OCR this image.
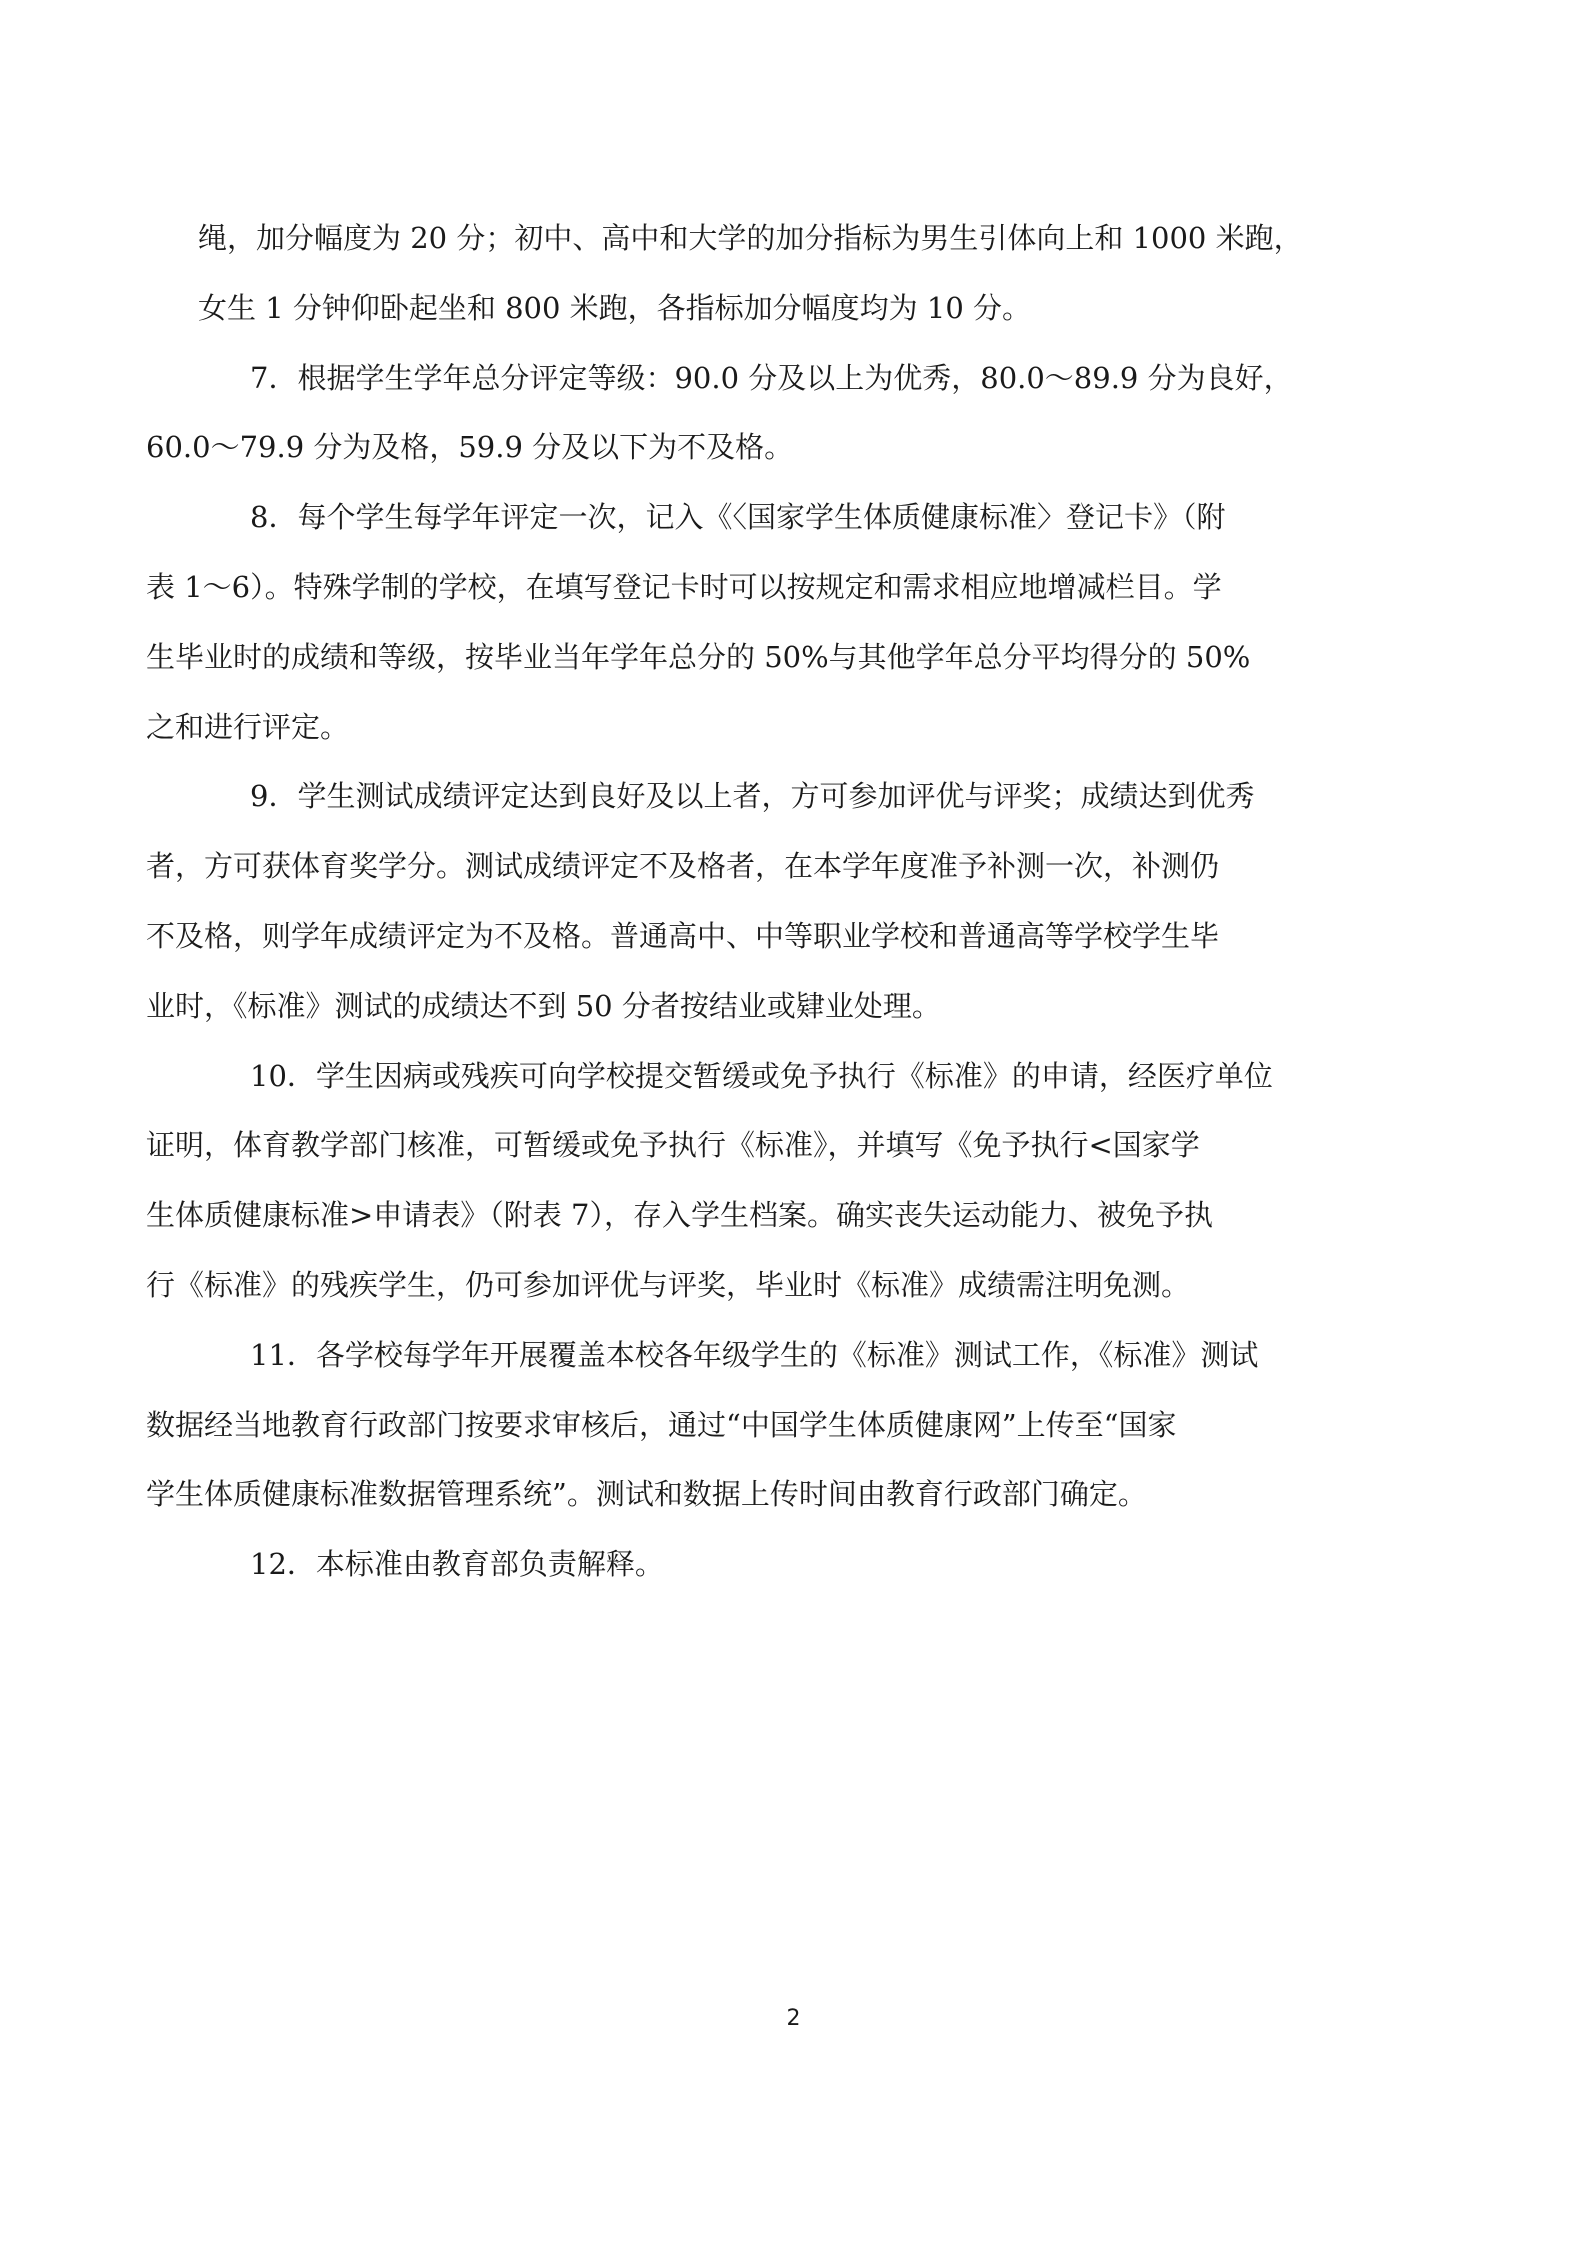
绳，加分幅度为 20 分；初中、高中和大学的加分指标为男生引体向上和 1000 米跑，
女生 1 分钟仰卧起坐和 800 米跑，各指标加分幅度均为 10 分。

7．根据学生学年总分评定等级：90.0 分及以上为优秀，80.0～89.9 分为良好，
60.0～79.9 分为及格，59.9 分及以下为不及格。

8．每个学生每学年评定一次，记入《〈国家学生体质健康标准〉登记卡》（附
表 1～6）。特殊学制的学校，在填写登记卡时可以按规定和需求相应地增减栏目。学
生毕业时的成绩和等级，按毕业当年学年总分的 50%与其他学年总分平均得分的 50%
之和进行评定。

9．学生测试成绩评定达到良好及以上者，方可参加评优与评奖；成绩达到优秀
者，方可获体育奖学分。测试成绩评定不及格者，在本学年度准予补测一次，补测仍
不及格，则学年成绩评定为不及格。普通高中、中等职业学校和普通高等学校学生毕
业时，《标准》测试的成绩达不到 50 分者按结业或肄业处理。

10．学生因病或残疾可向学校提交暂缓或免予执行《标准》的申请，经医疗单位
证明，体育教学部门核准，可暂缓或免予执行《标准》，并填写《免予执行<国家学
生体质健康标准>申请表》（附表 7），存入学生档案。确实丧失运动能力、被免予执
行《标准》的残疾学生，仍可参加评优与评奖，毕业时《标准》成绩需注明免测。

11．各学校每学年开展覆盖本校各年级学生的《标准》测试工作，《标准》测试
数据经当地教育行政部门按要求审核后，通过“中国学生体质健康网”上传至“国家
学生体质健康标准数据管理系统”。测试和数据上传时间由教育行政部门确定。

12．本标准由教育部负责解释。

2
